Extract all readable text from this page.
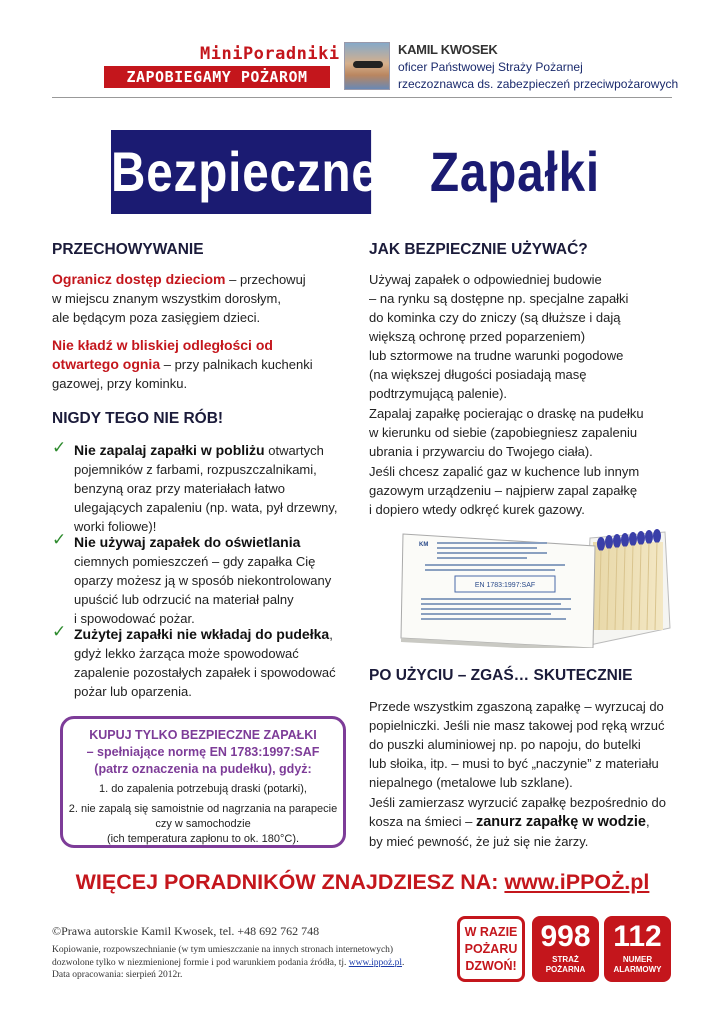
MiniPoradniki
ZAPOBIEGAMY POŻAROM
KAMIL KWOSEK
oficer Państwowej Straży Pożarnej
rzeczoznawca ds. zabezpieczeń przeciwpożarowych
Bezpieczne Zapałki
PRZECHOWYWANIE
Ogranicz dostęp dzieciom – przechowuj
w miejscu znanym wszystkim dorosłym,
ale będącym poza zasięgiem dzieci.
Nie kładź w bliskiej odległości od
otwartego ognia – przy palnikach kuchenki
gazowej, przy kominku.
NIGDY TEGO NIE RÓB!
✓ Nie zapalaj zapałki w pobliżu otwartych
pojemników z farbami, rozpuszczalnikami,
benzyną oraz przy materiałach łatwo
ulegających zapaleniu (np. wata, pył drzewny,
worki foliowe)!
✓ Nie używaj zapałek do oświetlania
ciemnych pomieszczeń – gdy zapałka Cię
oparzy możesz ją w sposób niekontrolowany
upuścić lub odrzucić na materiał palny
i spowodować pożar.
✓ Zużytej zapałki nie wkładaj do pudełka,
gdyż lekko żarząca może spowodować
zapalenie pozostałych zapałek i spowodować
pożar lub oparzenia.
KUPUJ TYLKO BEZPIECZNE ZAPAŁKI
– spełniające normę EN 1783:1997:SAF
(patrz oznaczenia na pudełku), gdyż:
1. do zapalenia potrzebują draski (potarki),
2. nie zapalą się samoistnie od nagrzania na parapecie
czy w samochodzie
(ich temperatura zapłonu to ok. 180°C).
JAK BEZPIECZNIE UŻYWAĆ?
Używaj zapałek o odpowiedniej budowie
– na rynku są dostępne np. specjalne zapałki
do kominka czy do zniczy (są dłuższe i dają
większą ochronę przed poparzeniem)
lub sztormowe na trudne warunki pogodowe
(na większej długości posiadają masę
podtrzymującą palenie).
Zapalaj zapałkę pocierając o draskę na pudełku
w kierunku od siebie (zapobiegniesz zapaleniu
ubrania i przywarciu do Twojego ciała).
Jeśli chcesz zapalić gaz w kuchence lub innym
gazowym urządzeniu – najpierw zapal zapałkę
i dopiero wtedy odkręć kurek gazowy.
KM
EN 1783:1997:SAF
PO UŻYCIU – ZGAŚ… SKUTECZNIE
Przede wszystkim zgaszoną zapałkę – wyrzucaj do
popielniczki. Jeśli nie masz takowej pod ręką wrzuć
do puszki aluminiowej np. po napoju, do butelki
lub słoika, itp. – musi to być „naczynie” z materiału
niepalnego (metalowe lub szklane).
Jeśli zamierzasz wyrzucić zapałkę bezpośrednio do
kosza na śmieci – zanurz zapałkę w wodzie,
by mieć pewność, że już się nie żarzy.
WIĘCEJ PORADNIKÓW ZNAJDZIESZ NA: www.iPPOŻ.pl
©Prawa autorskie Kamil Kwosek, tel. +48 692 762 748
Kopiowanie, rozpowszechnianie (w tym umieszczanie na innych stronach internetowych)
dozwolone tylko w niezmienionej formie i pod warunkiem podania źródła, tj. www.ippoż.pl.
Data opracowania: sierpień 2012r.
W RAZIE
POŻARU
DZWOŃ!
998
STRAŻ
POŻARNA
112
NUMER
ALARMOWY
